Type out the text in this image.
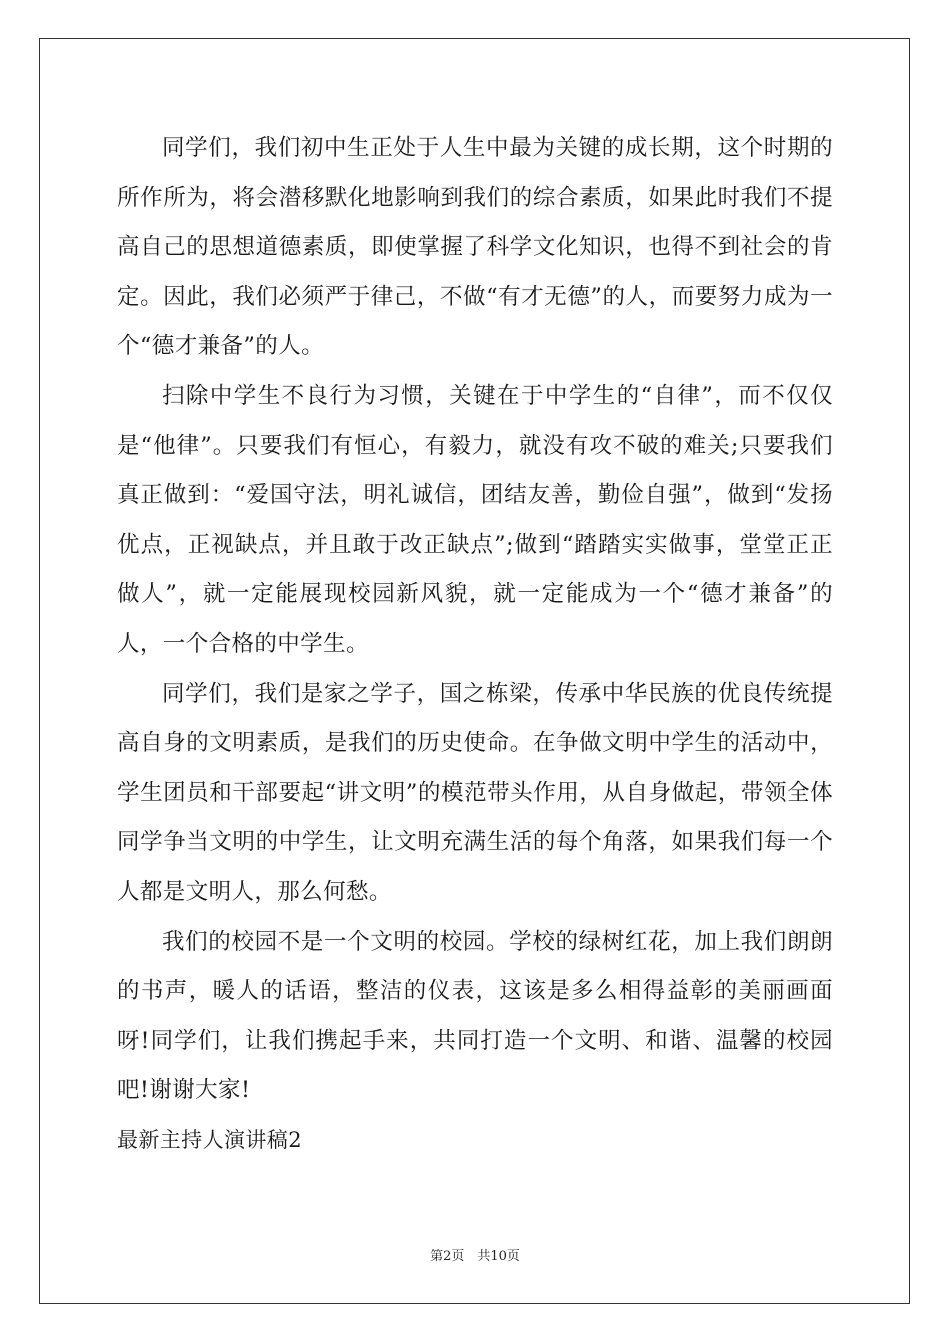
同学们，我们初中生正处于人生中最为关键的成长期，这个时期的所作所为，将会潜移默化地影响到我们的综合素质，如果此时我们不提高自己的思想道德素质，即使掌握了科学文化知识，也得不到社会的肯定。因此，我们必须严于律己，不做“有才无德”的人，而要努力成为一个“德才兼备”的人。

扫除中学生不良行为习惯，关键在于中学生的“自律”，而不仅仅是“他律”。只要我们有恒心，有毅力，就没有攻不破的难关;只要我们真正做到：“爱国守法，明礼诚信，团结友善，勤俭自强”，做到“发扬优点，正视缺点，并且敢于改正缺点”;做到“踏踏实实做事，堂堂正正做人”，就一定能展现校园新风貌，就一定能成为一个“德才兼备”的人，一个合格的中学生。

同学们，我们是家之学子，国之栋梁，传承中华民族的优良传统提高自身的文明素质，是我们的历史使命。在争做文明中学生的活动中，学生团员和干部要起“讲文明”的模范带头作用，从自身做起，带领全体同学争当文明的中学生，让文明充满生活的每个角落，如果我们每一个人都是文明人，那么何愁。

我们的校园不是一个文明的校园。学校的绿树红花，加上我们朗朗的书声，暖人的话语，整洁的仪表，这该是多么相得益彰的美丽画面呀!同学们，让我们携起手来，共同打造一个文明、和谐、温馨的校园吧!谢谢大家!

最新主持人演讲稿2

第2页　共10页
